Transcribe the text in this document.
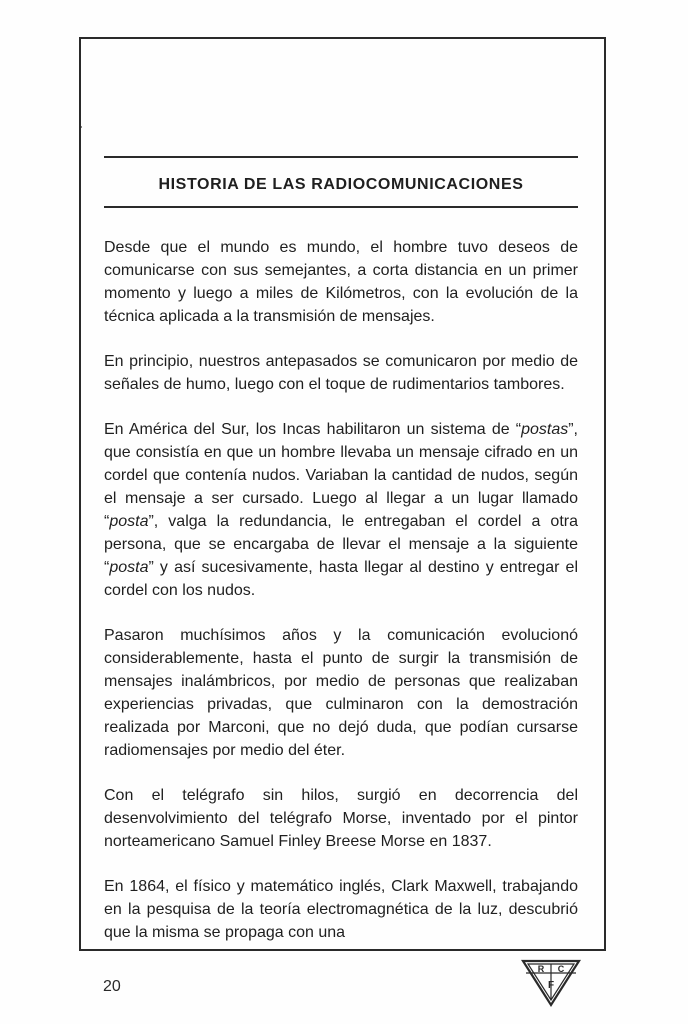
HISTORIA DE LAS RADIOCOMUNICACIONES

Desde que el mundo es mundo, el hombre tuvo deseos de comunicarse con sus semejantes, a corta distancia en un primer momento y luego a miles de Kilómetros, con la evolución de la técnica aplicada a la transmisión de mensajes.

En principio, nuestros antepasados se comunicaron por medio de señales de humo, luego con el toque de rudimentarios tambores.

En América del Sur, los Incas habilitaron un sistema de “postas”, que consistía en que un hombre llevaba un mensaje cifrado en un cordel que contenía nudos. Variaban la cantidad de nudos, según el mensaje a ser cursado. Luego al llegar a un lugar llamado “posta”, valga la redundancia, le entregaban el cordel a otra persona, que se encargaba de llevar el mensaje a la siguiente “posta” y así sucesivamente, hasta llegar al destino y entregar el cordel con los nudos.

Pasaron muchísimos años y la comunicación evolucionó considerablemente, hasta el punto de surgir la transmisión de mensajes inalámbricos, por medio de personas que realizaban experiencias privadas, que culminaron con la demostración realizada por Marconi, que no dejó duda, que podían cursarse radiomensajes por medio del éter.

Con el telégrafo sin hilos, surgió en decorrencia del desenvolvimiento del telégrafo Morse, inventado por el pintor norteamericano Samuel Finley Breese Morse en 1837.

En 1864, el físico y matemático inglés, Clark Maxwell, trabajando en la pesquisa de la teoría electromagnética de la luz, descubrió que la misma se propaga con una

20
R C
F
